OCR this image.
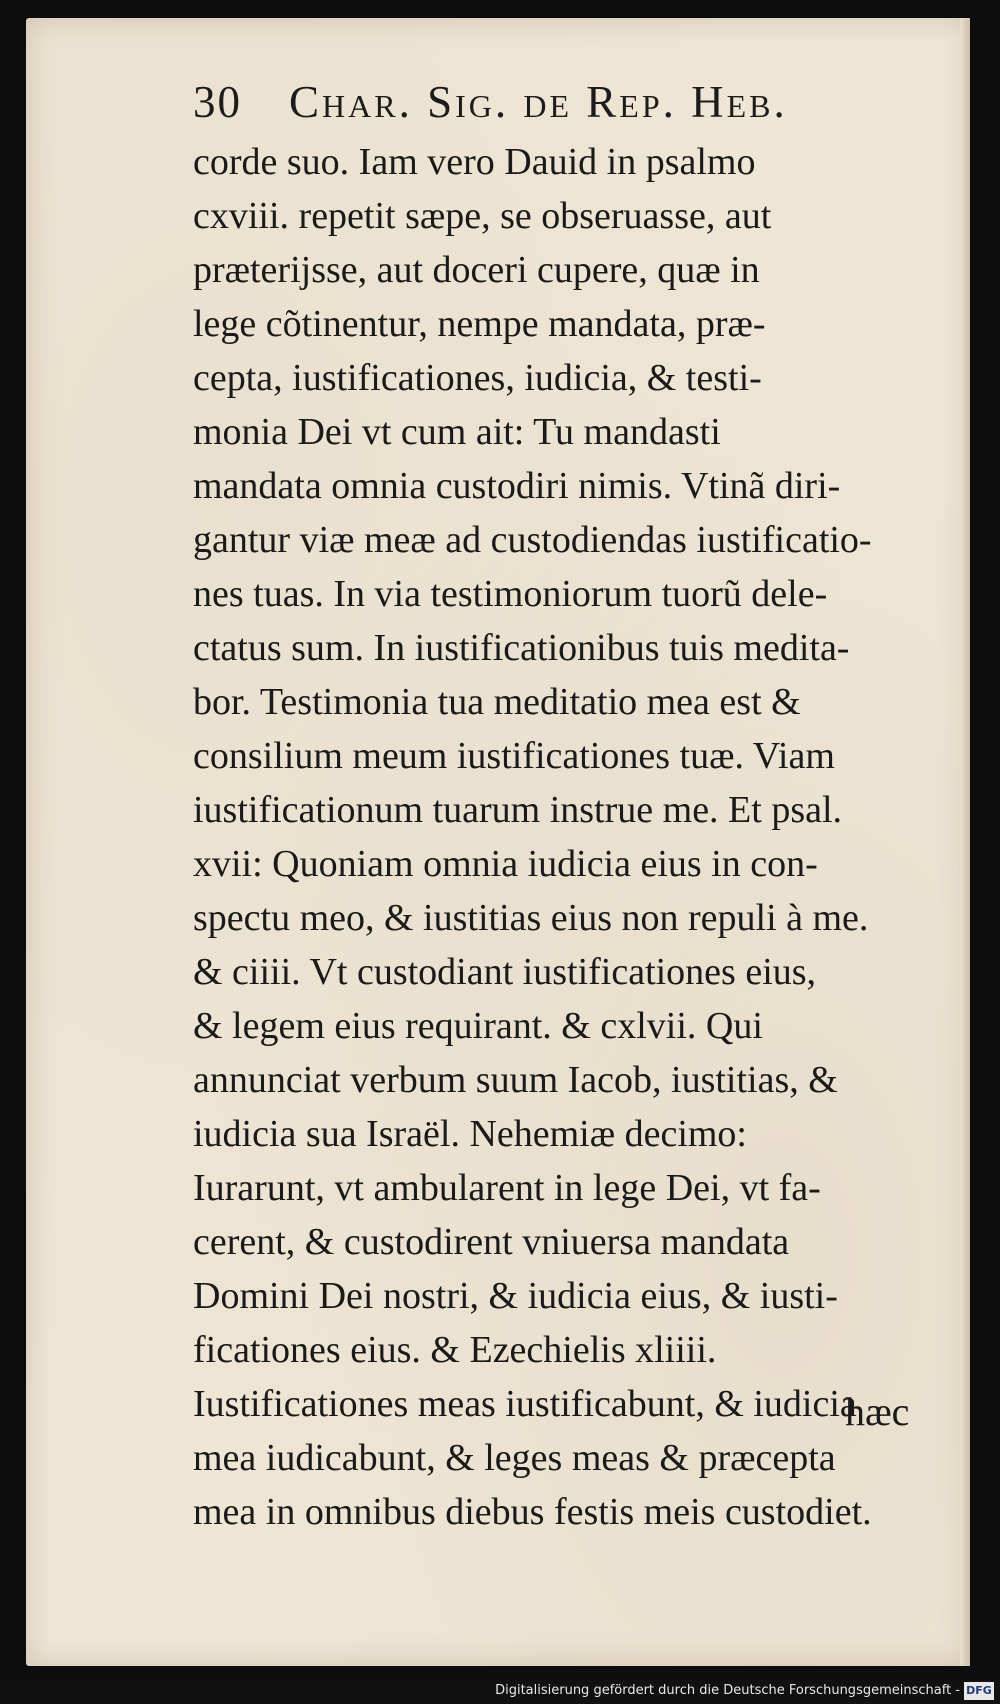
30 Char. Sig. de Rep. Heb.
corde suo. Iam vero Dauid in psalmo
cxviii. repetit sæpe, se obseruasse, aut
præterijsse, aut doceri cupere, quæ in
lege cõtinentur, nempe mandata, præ-
cepta, iustificationes, iudicia, & testi-
monia Dei vt cum ait: Tu mandasti
mandata omnia custodiri nimis. Vtinã diri-
gantur viæ meæ ad custodiendas iustificatio-
nes tuas. In via testimoniorum tuorũ dele-
ctatus sum. In iustificationibus tuis medita-
bor. Testimonia tua meditatio mea est &
consilium meum iustificationes tuæ. Viam
iustificationum tuarum instrue me. Et psal.
xvii: Quoniam omnia iudicia eius in con-
spectu meo, & iustitias eius non repuli à me.
& ciiii. Vt custodiant iustificationes eius,
& legem eius requirant. & cxlvii. Qui
annunciat verbum suum Iacob, iustitias, &
iudicia sua Israël. Nehemiæ decimo:
Iurarunt, vt ambularent in lege Dei, vt fa-
cerent, & custodirent vniuersa mandata
Domini Dei nostri, & iudicia eius, & iusti-
ficationes eius. & Ezechielis xliiii.
Iustificationes meas iustificabunt, & iudicia
mea iudicabunt, & leges meas & præcepta
mea in omnibus diebus festis meis custodiet.
hæc
Digitalisierung gefördert durch die Deutsche Forschungsgemeinschaft - DFG
